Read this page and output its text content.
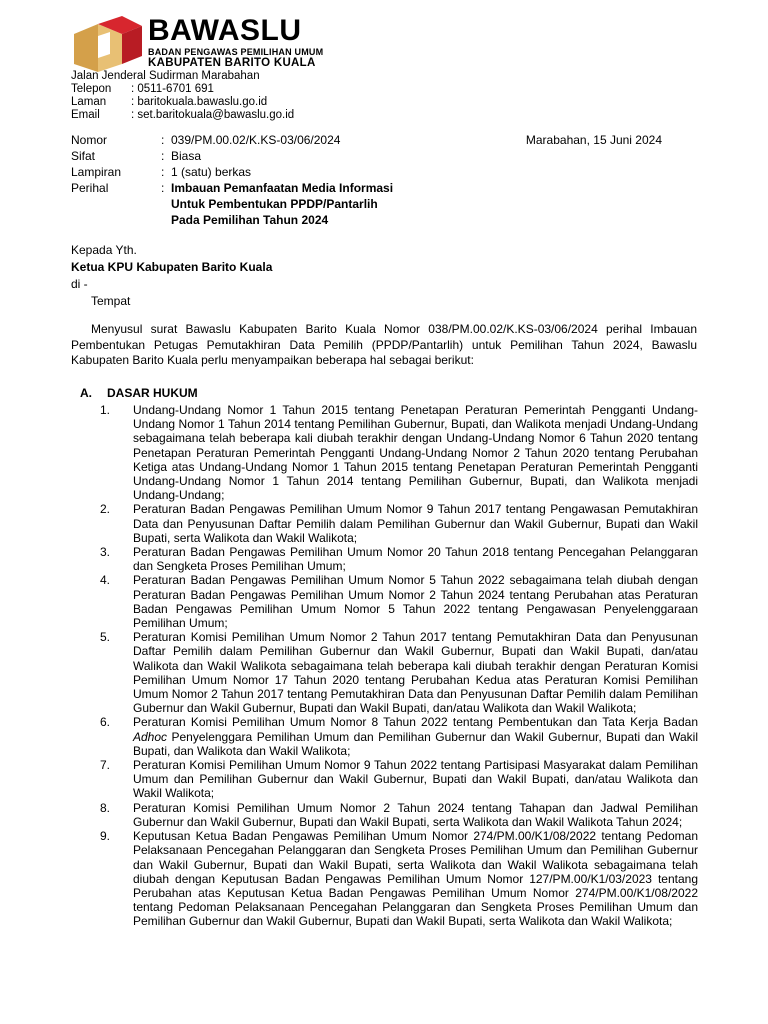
BAWASLU
BADAN PENGAWAS PEMILIHAN UMUM
KABUPATEN BARITO KUALA
Jalan Jenderal Sudirman Marabahan
Telepon	: 0511-6701 691
Laman	: baritokuala.bawaslu.go.id
Email	: set.baritokuala@bawaslu.go.id
Nomor	: 039/PM.00.02/K.KS-03/06/2024
Sifat	: Biasa
Lampiran	: 1 (satu) berkas
Perihal	: Imbauan Pemanfaatan Media Informasi
Untuk Pembentukan PPDP/Pantarlih
Pada Pemilihan Tahun 2024
Marabahan, 15 Juni 2024
Kepada Yth.
Ketua KPU Kabupaten Barito Kuala
di -
Tempat
Menyusul surat Bawaslu Kabupaten Barito Kuala Nomor 038/PM.00.02/K.KS-03/06/2024 perihal Imbauan Pembentukan Petugas Pemutakhiran Data Pemilih (PPDP/Pantarlih) untuk Pemilihan Tahun 2024, Bawaslu Kabupaten Barito Kuala perlu menyampaikan beberapa hal sebagai berikut:
A.	DASAR HUKUM
1.	Undang-Undang Nomor 1 Tahun 2015 tentang Penetapan Peraturan Pemerintah Pengganti Undang-Undang Nomor 1 Tahun 2014 tentang Pemilihan Gubernur, Bupati, dan Walikota menjadi Undang-Undang sebagaimana telah beberapa kali diubah terakhir dengan Undang-Undang Nomor 6 Tahun 2020 tentang Penetapan Peraturan Pemerintah Pengganti Undang-Undang Nomor 2 Tahun 2020 tentang Perubahan Ketiga atas Undang-Undang Nomor 1 Tahun 2015 tentang Penetapan Peraturan Pemerintah Pengganti Undang-Undang Nomor 1 Tahun 2014 tentang Pemilihan Gubernur, Bupati, dan Walikota menjadi Undang-Undang;
2.	Peraturan Badan Pengawas Pemilihan Umum Nomor 9 Tahun 2017 tentang Pengawasan Pemutakhiran Data dan Penyusunan Daftar Pemilih dalam Pemilihan Gubernur dan Wakil Gubernur, Bupati dan Wakil Bupati, serta Walikota dan Wakil Walikota;
3.	Peraturan Badan Pengawas Pemilihan Umum Nomor 20 Tahun 2018 tentang Pencegahan Pelanggaran dan Sengketa Proses Pemilihan Umum;
4.	Peraturan Badan Pengawas Pemilihan Umum Nomor 5 Tahun 2022 sebagaimana telah diubah dengan Peraturan Badan Pengawas Pemilihan Umum Nomor 2 Tahun 2024 tentang Perubahan atas Peraturan Badan Pengawas Pemilihan Umum Nomor 5 Tahun 2022 tentang Pengawasan Penyelenggaraan Pemilihan Umum;
5.	Peraturan Komisi Pemilihan Umum Nomor 2 Tahun 2017 tentang Pemutakhiran Data dan Penyusunan Daftar Pemilih dalam Pemilihan Gubernur dan Wakil Gubernur, Bupati dan Wakil Bupati, dan/atau Walikota dan Wakil Walikota sebagaimana telah beberapa kali diubah terakhir dengan Peraturan Komisi Pemilihan Umum Nomor 17 Tahun 2020 tentang Perubahan Kedua atas Peraturan Komisi Pemilihan Umum Nomor 2 Tahun 2017 tentang Pemutakhiran Data dan Penyusunan Daftar Pemilih dalam Pemilihan Gubernur dan Wakil Gubernur, Bupati dan Wakil Bupati, dan/atau Walikota dan Wakil Walikota;
6.	Peraturan Komisi Pemilihan Umum Nomor 8 Tahun 2022 tentang Pembentukan dan Tata Kerja Badan Adhoc Penyelenggara Pemilihan Umum dan Pemilihan Gubernur dan Wakil Gubernur, Bupati dan Wakil Bupati, dan Walikota dan Wakil Walikota;
7.	Peraturan Komisi Pemilihan Umum Nomor 9 Tahun 2022 tentang Partisipasi Masyarakat dalam Pemilihan Umum dan Pemilihan Gubernur dan Wakil Gubernur, Bupati dan Wakil Bupati, dan/atau Walikota dan Wakil Walikota;
8.	Peraturan Komisi Pemilihan Umum Nomor 2 Tahun 2024 tentang Tahapan dan Jadwal Pemilihan Gubernur dan Wakil Gubernur, Bupati dan Wakil Bupati, serta Walikota dan Wakil Walikota Tahun 2024;
9.	Keputusan Ketua Badan Pengawas Pemilihan Umum Nomor 274/PM.00/K1/08/2022 tentang Pedoman Pelaksanaan Pencegahan Pelanggaran dan Sengketa Proses Pemilihan Umum dan Pemilihan Gubernur dan Wakil Gubernur, Bupati dan Wakil Bupati, serta Walikota dan Wakil Walikota sebagaimana telah diubah dengan Keputusan Badan Pengawas Pemilihan Umum Nomor 127/PM.00/K1/03/2023 tentang Perubahan atas Keputusan Ketua Badan Pengawas Pemilihan Umum Nomor 274/PM.00/K1/08/2022 tentang Pedoman Pelaksanaan Pencegahan Pelanggaran dan Sengketa Proses Pemilihan Umum dan Pemilihan Gubernur dan Wakil Gubernur, Bupati dan Wakil Bupati, serta Walikota dan Wakil Walikota;
